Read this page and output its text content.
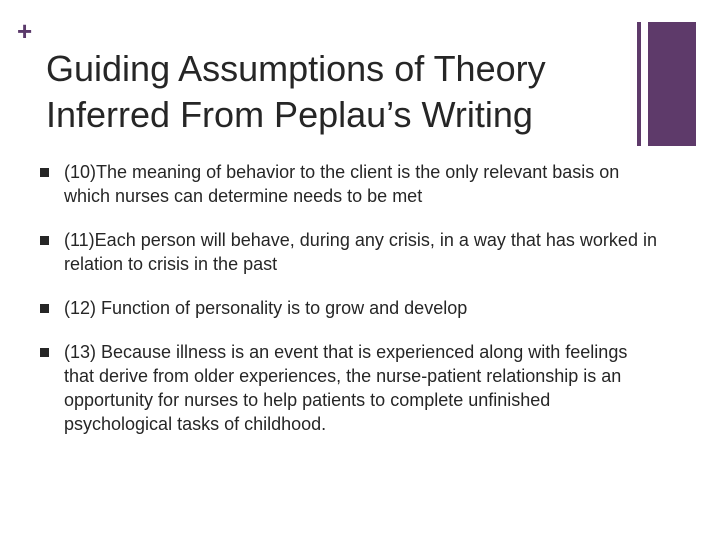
+
Guiding Assumptions of Theory
Inferred From Peplau’s Writing
(10)The meaning of behavior to the client is the only relevant basis on which nurses can determine needs to be met
(11)Each person will behave, during any crisis, in a way that has worked in relation to crisis in the past
(12) Function of personality is to grow and develop
(13) Because illness is an event that is experienced along with feelings that derive from older experiences, the nurse-patient relationship is an opportunity for nurses to help patients to complete unfinished psychological tasks of childhood.
